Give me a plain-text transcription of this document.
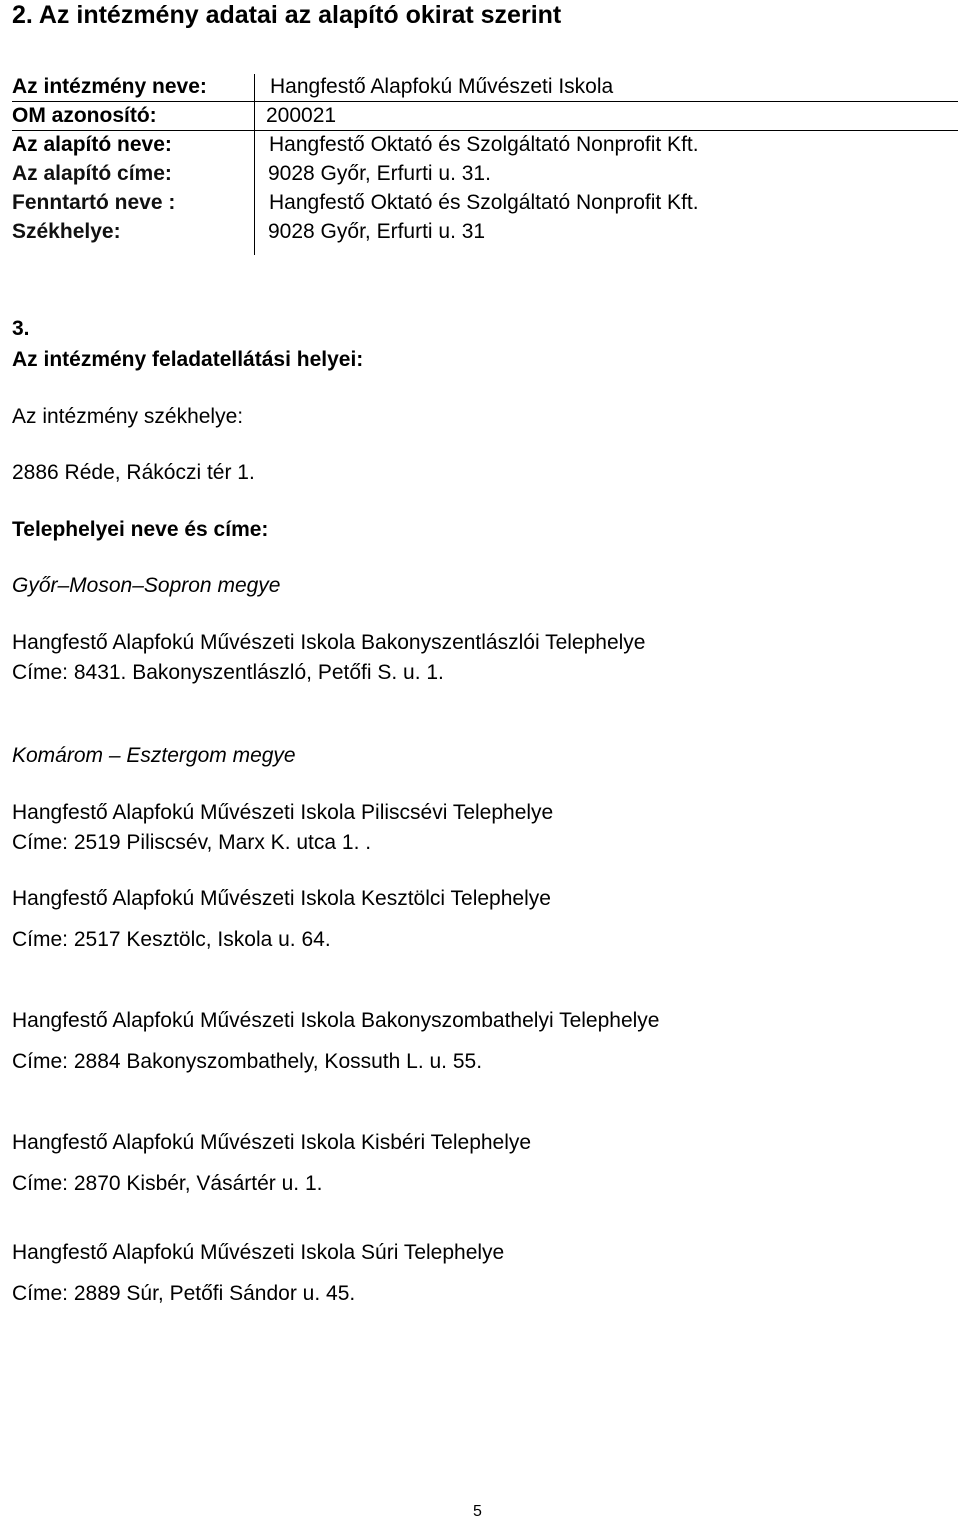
2. Az intézmény adatai az alapító okirat szerint
Az intézmény neve:	Hangfestő Alapfokú Művészeti Iskola
OM azonosító:	200021
Az alapító neve:	Hangfestő Oktató és Szolgáltató Nonprofit Kft.
Az alapító címe:	9028 Győr, Erfurti u. 31.
Fenntartó neve :	Hangfestő Oktató és Szolgáltató Nonprofit Kft.
Székhelye:	9028 Győr, Erfurti u. 31
3.
Az intézmény feladatellátási helyei:
Az intézmény székhelye:
2886 Réde, Rákóczi tér 1.
Telephelyei neve és címe:
Győr–Moson–Sopron megye
Hangfestő Alapfokú Művészeti Iskola Bakonyszentlászlói Telephelye
Címe: 8431. Bakonyszentlászló, Petőfi S. u. 1.
Komárom – Esztergom megye
Hangfestő Alapfokú Művészeti Iskola Piliscsévi Telephelye
Címe: 2519 Piliscsév, Marx K. utca 1. .
Hangfestő Alapfokú Művészeti Iskola Kesztölci Telephelye
Címe: 2517 Kesztölc, Iskola u. 64.
Hangfestő Alapfokú Művészeti Iskola Bakonyszombathelyi Telephelye
Címe: 2884 Bakonyszombathely, Kossuth L. u. 55.
Hangfestő Alapfokú Művészeti Iskola Kisbéri Telephelye
Címe: 2870 Kisbér, Vásártér u. 1.
Hangfestő Alapfokú Művészeti Iskola Súri Telephelye
Címe: 2889 Súr, Petőfi Sándor u. 45.
5
